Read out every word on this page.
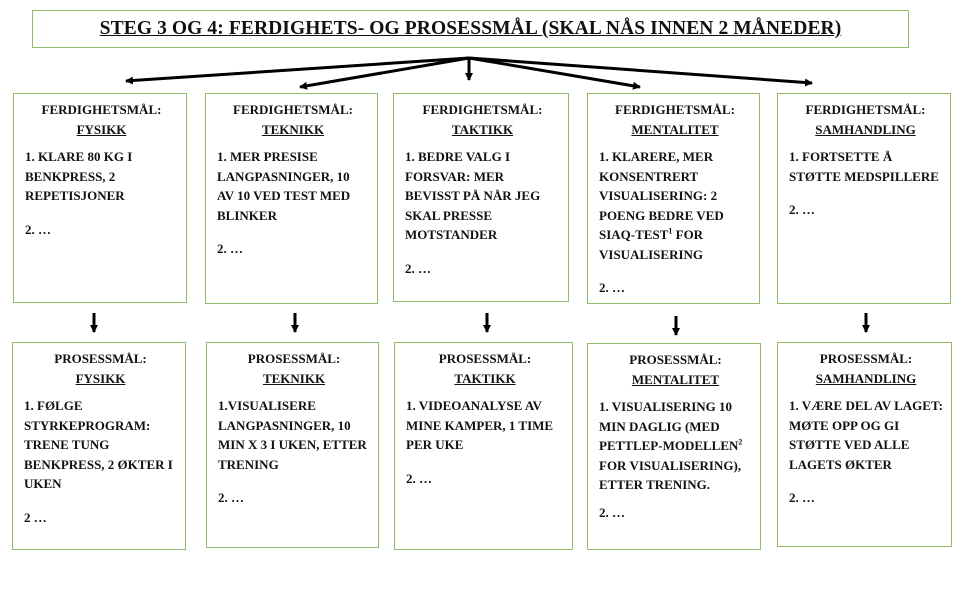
STEG 3 OG 4: FERDIGHETS- OG PROSESSMÅL (SKAL NÅS INNEN 2 MÅNEDER)
FERDIGHETSMÅL:
FYSIKK
1. KLARE 80 KG I BENKPRESS, 2 REPETISJONER
2. …
FERDIGHETSMÅL:
TEKNIKK
1. MER PRESISE LANGPASNINGER, 10 AV 10 VED TEST MED BLINKER
2. …
FERDIGHETSMÅL:
TAKTIKK
1. BEDRE VALG I FORSVAR: MER BEVISST PÅ NÅR JEG SKAL PRESSE MOTSTANDER
2. …
FERDIGHETSMÅL:
MENTALITET
1. KLARERE, MER KONSENTRERT VISUALISERING: 2 POENG BEDRE VED SIAQ-TEST$^1$ FOR VISUALISERING
2. …
FERDIGHETSMÅL:
SAMHANDLING
1. FORTSETTE Å STØTTE MEDSPILLERE
2. …
PROSESSMÅL:
FYSIKK
1. FØLGE STYRKEPROGRAM: TRENE TUNG BENKPRESS, 2 ØKTER I UKEN
2 …
PROSESSMÅL:
TEKNIKK
1.VISUALISERE LANGPASNINGER, 10 MIN X 3 I UKEN, ETTER TRENING
2. …
PROSESSMÅL:
TAKTIKK
1. VIDEOANALYSE AV MINE KAMPER, 1 TIME PER UKE
2. …
PROSESSMÅL:
MENTALITET
1. VISUALISERING 10 MIN DAGLIG (MED PETTLEP-MODELLEN$^2$ FOR VISUALISERING), ETTER TRENING.
2. …
PROSESSMÅL:
SAMHANDLING
1. VÆRE DEL AV LAGET: MØTE OPP OG GI STØTTE VED ALLE LAGETS ØKTER
2. …
